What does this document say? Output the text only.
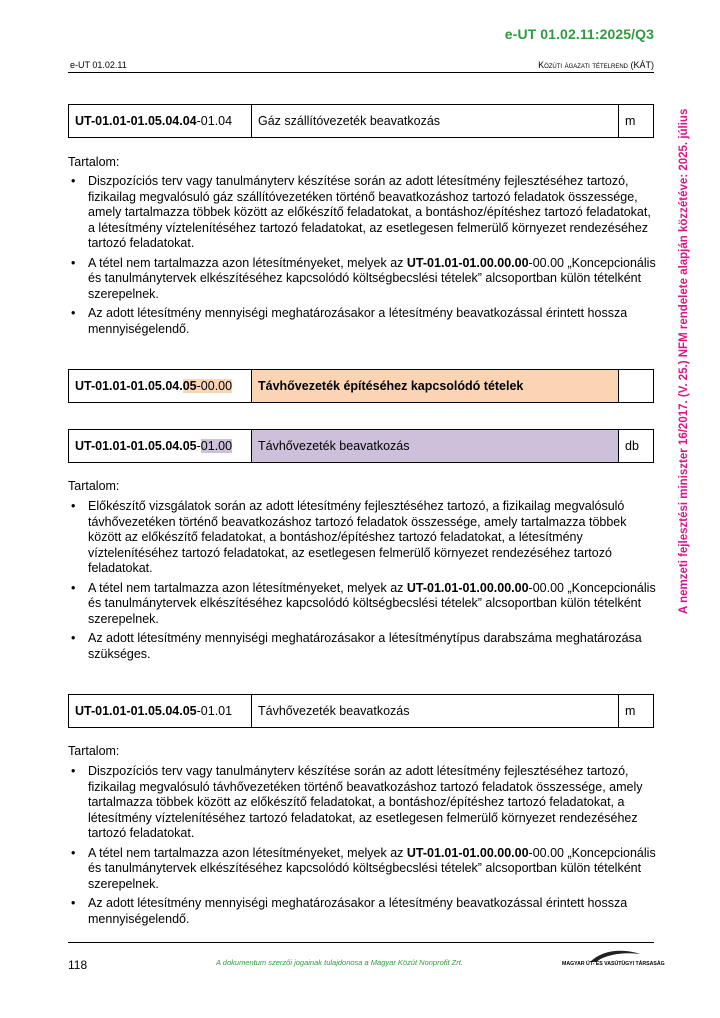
e-UT 01.02.11:2025/Q3
e-UT 01.02.11	Közúti ágazati tételrend (KÁT)
A nemzeti fejlesztési miniszter 16/2017. (V. 25.) NFM rendelete alapján közzétéve: 2025. július
UT-01.01-01.05.04.04-01.04	Gáz szállítóvezeték beavatkozás	m
Tartalom:
• Diszpozíciós terv vagy tanulmányterv készítése során az adott létesítmény fejlesztéséhez tartozó, fizikailag megvalósuló gáz szállítóvezetéken történő beavatkozáshoz tartozó feladatok összessége, amely tartalmazza többek között az előkészítő feladatokat, a bontáshoz/építéshez tartozó feladatokat, a létesítmény víztelenítéséhez tartozó feladatokat, az esetlegesen felmerülő környezet rendezéséhez tartozó feladatokat.
• A tétel nem tartalmazza azon létesítményeket, melyek az UT-01.01-01.00.00.00-00.00 „Koncepcionális és tanulmánytervek elkészítéséhez kapcsolódó költségbecslési tételek” alcsoportban külön tételként szerepelnek.
• Az adott létesítmény mennyiségi meghatározásakor a létesítmény beavatkozással érintett hossza mennyiségelendő.
UT-01.01-01.05.04.05-00.00	Távhővezeték építéséhez kapcsolódó tételek	
UT-01.01-01.05.04.05-01.00	Távhővezeték beavatkozás	db
Tartalom:
• Előkészítő vizsgálatok során az adott létesítmény fejlesztéséhez tartozó, a fizikailag megvalósuló távhővezetéken történő beavatkozáshoz tartozó feladatok összessége, amely tartalmazza többek között az előkészítő feladatokat, a bontáshoz/építéshez tartozó feladatokat, a létesítmény víztelenítéséhez tartozó feladatokat, az esetlegesen felmerülő környezet rendezéséhez tartozó feladatokat.
• A tétel nem tartalmazza azon létesítményeket, melyek az UT-01.01-01.00.00.00-00.00 „Koncepcionális és tanulmánytervek elkészítéséhez kapcsolódó költségbecslési tételek” alcsoportban külön tételként szerepelnek.
• Az adott létesítmény mennyiségi meghatározásakor a létesítménytípus darabszáma meghatározása szükséges.
UT-01.01-01.05.04.05-01.01	Távhővezeték beavatkozás	m
Tartalom:
• Diszpozíciós terv vagy tanulmányterv készítése során az adott létesítmény fejlesztéséhez tartozó, fizikailag megvalósuló távhővezetéken történő beavatkozáshoz tartozó feladatok összessége, amely tartalmazza többek között az előkészítő feladatokat, a bontáshoz/építéshez tartozó feladatokat, a létesítmény víztelenítéséhez tartozó feladatokat, az esetlegesen felmerülő környezet rendezéséhez tartozó feladatokat.
• A tétel nem tartalmazza azon létesítményeket, melyek az UT-01.01-01.00.00.00-00.00 „Koncepcionális és tanulmánytervek elkészítéséhez kapcsolódó költségbecslési tételek” alcsoportban külön tételként szerepelnek.
• Az adott létesítmény mennyiségi meghatározásakor a létesítmény beavatkozással érintett hossza mennyiségelendő.
118	A dokumentum szerzői jogainak tulajdonosa a Magyar Közút Nonprofit Zrt.	MAGYAR ÚT- ÉS VASÚTÜGYI TÁRSASÁG
